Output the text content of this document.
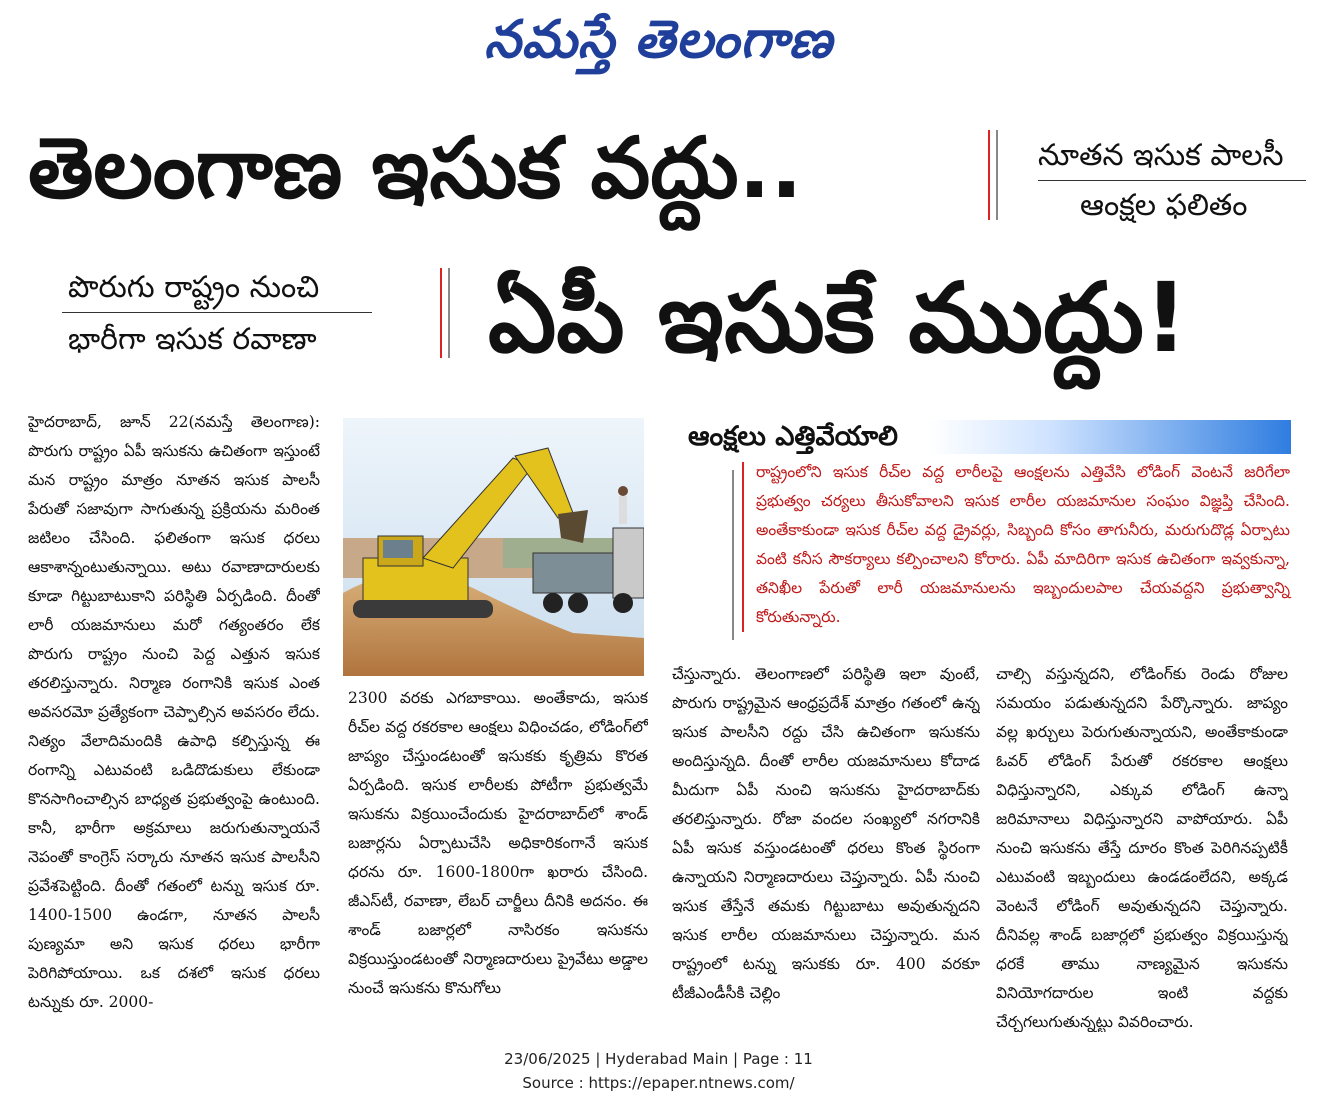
నమస్తే తెలంగాణ
తెలంగాణ ఇసుక వద్దు..	నూతన ఇసుక పాలసీ
ఆంక్షల ఫలితం
పొరుగు రాష్ట్రం నుంచి
భారీగా ఇసుక రవాణా ఏపీ ఇసుకే ముద్దు!
హైదరాబాద్, జూన్ 22(నమస్తే తెలంగాణ): పొరుగు రాష్ట్రం ఏపీ ఇసుకను ఉచితంగా ఇస్తుంటే మన రాష్ట్రం మాత్రం నూతన ఇసుక పాలసీ పేరుతో సజావుగా సాగుతున్న ప్రక్రియను మరింత జటిలం చేసింది. ఫలితంగా ఇసుక ధరలు ఆకాశాన్నంటుతున్నాయి. అటు రవాణాదారులకు కూడా గిట్టుబాటుకాని పరిస్థితి ఏర్పడింది. దీంతో లారీ యజమానులు మరో గత్యంతరం లేక పొరుగు రాష్ట్రం నుంచి పెద్ద ఎత్తున ఇసుక తరలిస్తున్నారు. నిర్మాణ రంగానికి ఇసుక ఎంత అవసరమో ప్రత్యేకంగా చెప్పాల్సిన అవసరం లేదు. నిత్యం వేలాదిమందికి ఉపాధి కల్పిస్తున్న ఈ రంగాన్ని ఎటువంటి ఒడిదొడుకులు లేకుండా కొనసాగించాల్సిన బాధ్యత ప్రభుత్వంపై ఉంటుంది. కానీ, భారీగా అక్రమాలు జరుగుతున్నాయనే నెపంతో కాంగ్రెస్ సర్కారు నూతన ఇసుక పాలసీని ప్రవేశపెట్టింది. దీంతో గతంలో టన్ను ఇసుక రూ. 1400-1500 ఉండగా, నూతన పాలసీ పుణ్యమా అని ఇసుక ధరలు భారీగా పెరిగిపోయాయి. ఒక దశలో ఇసుక ధరలు టన్నుకు రూ. 2000-
2300 వరకు ఎగబాకాయి. అంతేకాదు, ఇసుక రీచ్‌ల వద్ద రకరకాల ఆంక్షలు విధించడం, లోడింగ్‌లో జాప్యం చేస్తుండటంతో ఇసుకకు కృత్రిమ కొరత ఏర్పడింది. ఇసుక లారీలకు పోటీగా ప్రభుత్వమే ఇసుకను విక్రయించేందుకు హైదరాబాద్‌లో శాండ్ బజార్లను ఏర్పాటుచేసి అధికారికంగానే ఇసుక ధరను రూ. 1600-1800గా ఖరారు చేసింది. జీఎస్‌టీ, రవాణా, లేబర్ చార్జీలు దీనికి అదనం. ఈ శాండ్ బజార్లలో నాసిరకం ఇసుకను విక్రయిస్తుండటంతో నిర్మాణదారులు ప్రైవేటు అడ్డాల నుంచే ఇసుకను కొనుగోలు
ఆంక్షలు ఎత్తివేయాలి
రాష్ట్రంలోని ఇసుక రీచ్‌ల వద్ద లారీలపై ఆంక్షలను ఎత్తివేసి లోడింగ్ వెంటనే జరిగేలా ప్రభుత్వం చర్యలు తీసుకోవాలని ఇసుక లారీల యజమానుల సంఘం విజ్ఞప్తి చేసింది. అంతేకాకుండా ఇసుక రీచ్‌ల వద్ద డ్రైవర్లు, సిబ్బంది కోసం తాగునీరు, మరుగుదొడ్ల ఏర్పాటు వంటి కనీస సౌకర్యాలు కల్పించాలని కోరారు. ఏపీ మాదిరిగా ఇసుక ఉచితంగా ఇవ్వకున్నా, తనిఖీల పేరుతో లారీ యజమానులను ఇబ్బందులపాల చేయవద్దని ప్రభుత్వాన్ని కోరుతున్నారు.
చేస్తున్నారు. తెలంగాణలో పరిస్థితి ఇలా వుంటే, పొరుగు రాష్ట్రమైన ఆంధ్రప్రదేశ్ మాత్రం గతంలో ఉన్న ఇసుక పాలసీని రద్దు చేసి ఉచితంగా ఇసుకను అందిస్తున్నది. దీంతో లారీల యజమానులు కోదాడ మీదుగా ఏపీ నుంచి ఇసుకను హైదరాబాద్‌కు తరలిస్తున్నారు. రోజా వందల సంఖ్యలో నగరానికి ఏపీ ఇసుక వస్తుండటంతో ధరలు కొంత స్థిరంగా ఉన్నాయని నిర్మాణదారులు చెప్తున్నారు. ఏపీ నుంచి ఇసుక తేస్తేనే తమకు గిట్టుబాటు అవుతున్నదని ఇసుక లారీల యజమానులు చెప్తున్నారు. మన రాష్ట్రంలో టన్ను ఇసుకకు రూ. 400 వరకూ టీజీఎండీసీకి చెల్లిం
చాల్సి వస్తున్నదని, లోడింగ్‌కు రెండు రోజుల సమయం పడుతున్నదని పేర్కొన్నారు. జాప్యం వల్ల ఖర్చులు పెరుగుతున్నాయని, అంతేకాకుండా ఓవర్ లోడింగ్ పేరుతో రకరకాల ఆంక్షలు విధిస్తున్నారని, ఎక్కువ లోడింగ్ ఉన్నా జరిమానాలు విధిస్తున్నారని వాపోయారు. ఏపీ నుంచి ఇసుకను తేస్తే దూరం కొంత పెరిగినప్పటికీ ఎటువంటి ఇబ్బందులు ఉండడంలేదని, అక్కడ వెంటనే లోడింగ్ అవుతున్నదని చెప్తున్నారు. దీనివల్ల శాండ్ బజార్లలో ప్రభుత్వం విక్రయిస్తున్న ధరకే తాము నాణ్యమైన ఇసుకను వినియోగదారుల ఇంటి వద్దకు చేర్చగలుగుతున్నట్టు వివరించారు.
23/06/2025 | Hyderabad Main | Page : 11
Source : https://epaper.ntnews.com/
